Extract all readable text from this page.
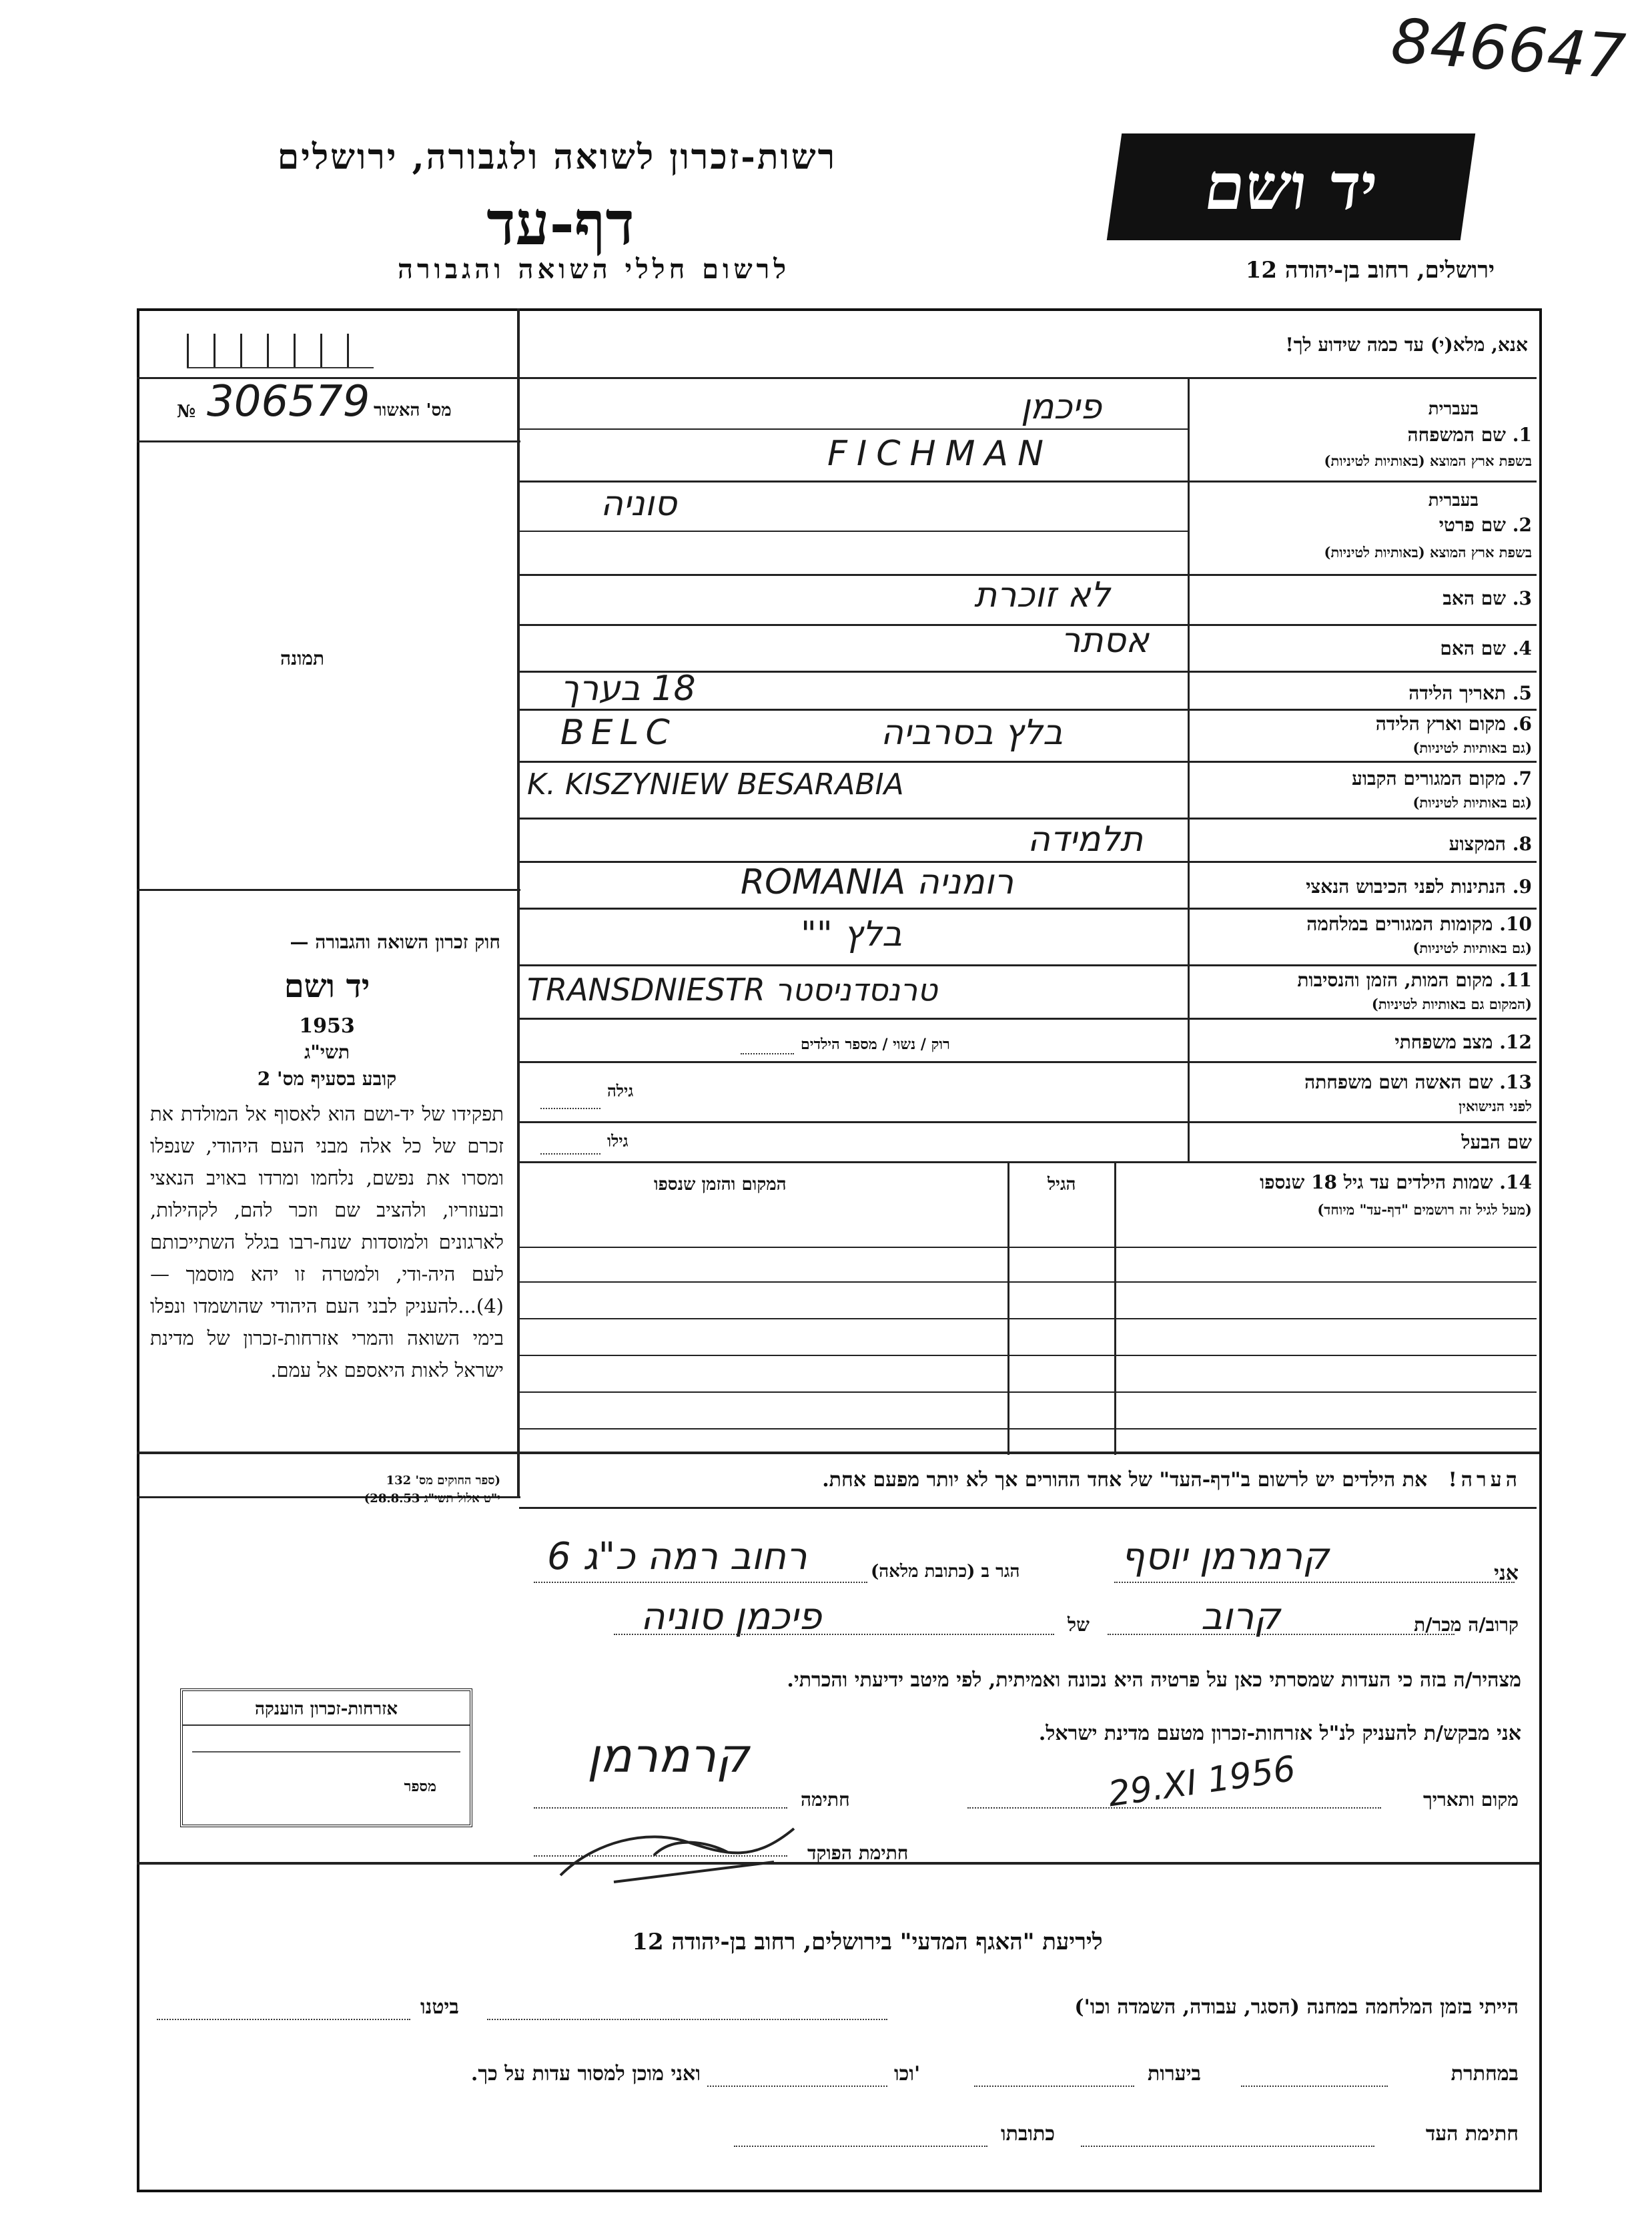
846647
רשות-זכרון לשואה ולגבורה, ירושלים
דף-עד
לרשום חללי השואה והגבורה
יד ושם
ירושלים, רחוב בן-יהודה 12
מס' האשור
№ 306579
תמונה
אנא, מלא(י) עד כמה שידוע לך!
בעברית
1. שם המשפחה
בשפת ארץ המוצא (באותיות לטיניות)
פיכמן
FICHMAN
בעברית
2. שם פרטי
בשפת ארץ המוצא (באותיות לטיניות)
סוניה
3. שם האב
לא זוכרת
4. שם האם
אסתר
5. תאריך הלידה
18 בערך
6. מקום וארץ הלידה
(גם באותיות לטיניות)
בלץ בסרביה
BELC
7. מקום המגורים הקבוע
(גם באותיות לטיניות)
K. KISZYNIEW BESARABIA
8. המקצוע
תלמידה
9. הנתינות לפני הכיבוש הנאצי
ROMANIA רומניה
10. מקומות המגורים במלחמה
(גם באותיות לטיניות)
בלץ ""
11. מקום המות, הזמן והנסיבות
(המקום גם באותיות לטיניות)
TRANSDNIESTR טרנסדניסטר
12. מצב משפחתי
רוק / נשוי / מספר הילדים
13. שם האשה ושם משפחתה
לפני הנישואין
גילה
שם הבעל
גילו
14. שמות הילדים עד גיל 18 שנספו
(מעל לגיל זה רושמים "דף-עד" מיוחד)
הגיל
המקום והזמן שנספו
הערה!   את הילדים יש לרשום ב"דף-העד" של אחד ההורים אך לא יותר מפעם אחת.
חוק זכרון השואה והגבורה —
יד ושם
תשי"ג
1953
קובע בסעיף מס' 2
תפקידו של יד-ושם הוא לאסוף אל המולדת את זכרם של כל אלה מבני העם היהודי, שנפלו ומסרו את נפשם, נלחמו ומרדו באויב הנאצי ובעוזריו, ולהציב שם וזכר להם, לקהילות, לארגונים ולמוסדות שנח-רבו בגלל השתייכותם לעם היה-ודי, ולמטרה זו יהא מוסמך — (4)...להעניק לבני העם היהודי שהושמדו ונפלו בימי השואה והמרי אזרחות-זכרון של מדינת ישראל לאות היאספם אל עמם.
(ספר החוקים מס' 132
י"ט אלול תשי"ג 28.8.53)
אזרחות-זכרון הוענקה
מספר
אני
קרמרמן יוסף
הגר ב (כתובת מלאה)
רחוב רמה כ"ג 6
קרוב/ה מכר/ת
קרוב
של
פיכמן סוניה
מצהיר/ה בזה כי העדות שמסרתי כאן על פרטיה היא נכונה ואמיתית, לפי מיטב ידיעתי והכרתי.
אני מבקש/ת להעניק לנ"ל אזרחות-זכרון מטעם מדינת ישראל.
מקום ותאריך
29.XI 1956
חתימה
קרמרמן
חתימת הפוקד
ליריעת "האגף המדעי" בירושלים, רחוב בן-יהודה 12
הייתי בזמן המלחמה במחנה (הסגר, עבודה, השמדה וכו')
ביטנו
במחתרת
ביערות
וכו'
ואני מוכן למסור עדות על כך.
חתימת העד
כתובתו
